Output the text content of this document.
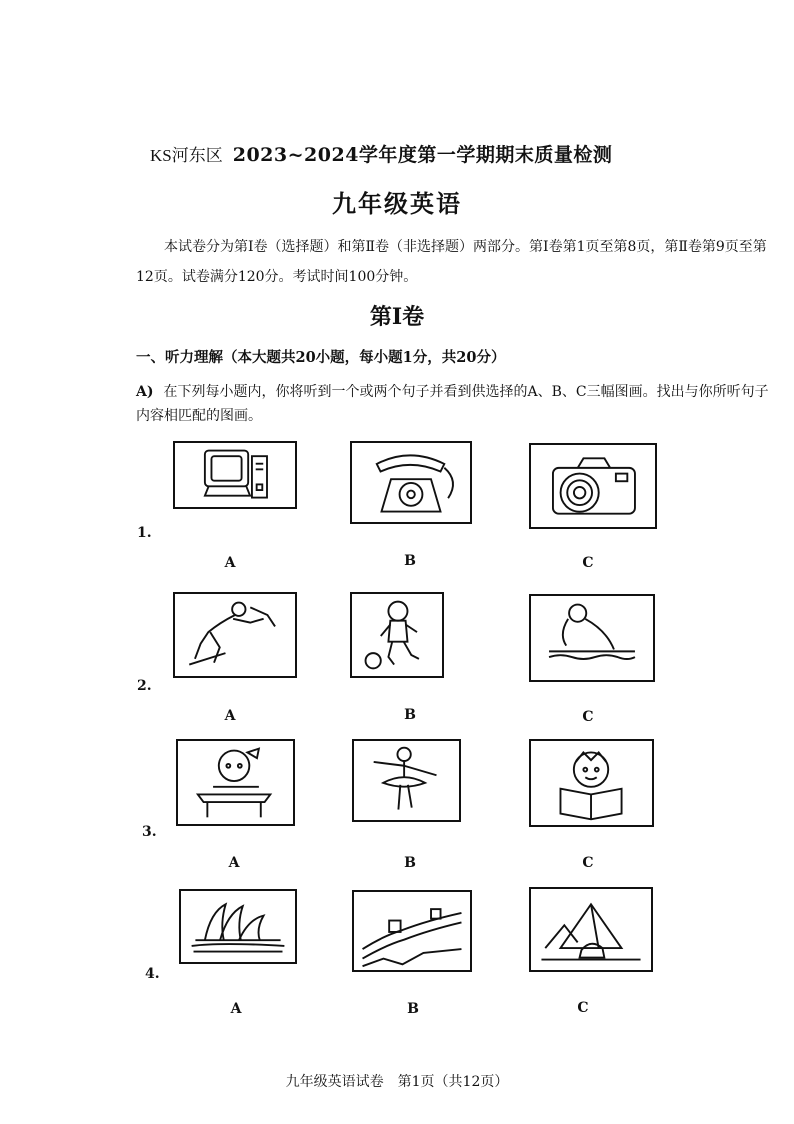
KS河东区 2023~2024学年度第一学期期末质量检测
九年级英语
本试卷分为第Ⅰ卷（选择题）和第Ⅱ卷（非选择题）两部分。第Ⅰ卷第1页至第8页，第Ⅱ卷第9页至第12页。试卷满分120分。考试时间100分钟。
第Ⅰ卷
一、听力理解（本大题共20小题，每小题1分，共20分）
A) 在下列每小题内，你将听到一个或两个句子并看到供选择的A、B、C三幅图画。找出与你所听句子内容相匹配的图画。
1.
A	B	C
2.
A	B	C
3.
A	B	C
4.
A	B	C
九年级英语试卷　第1页（共12页）
